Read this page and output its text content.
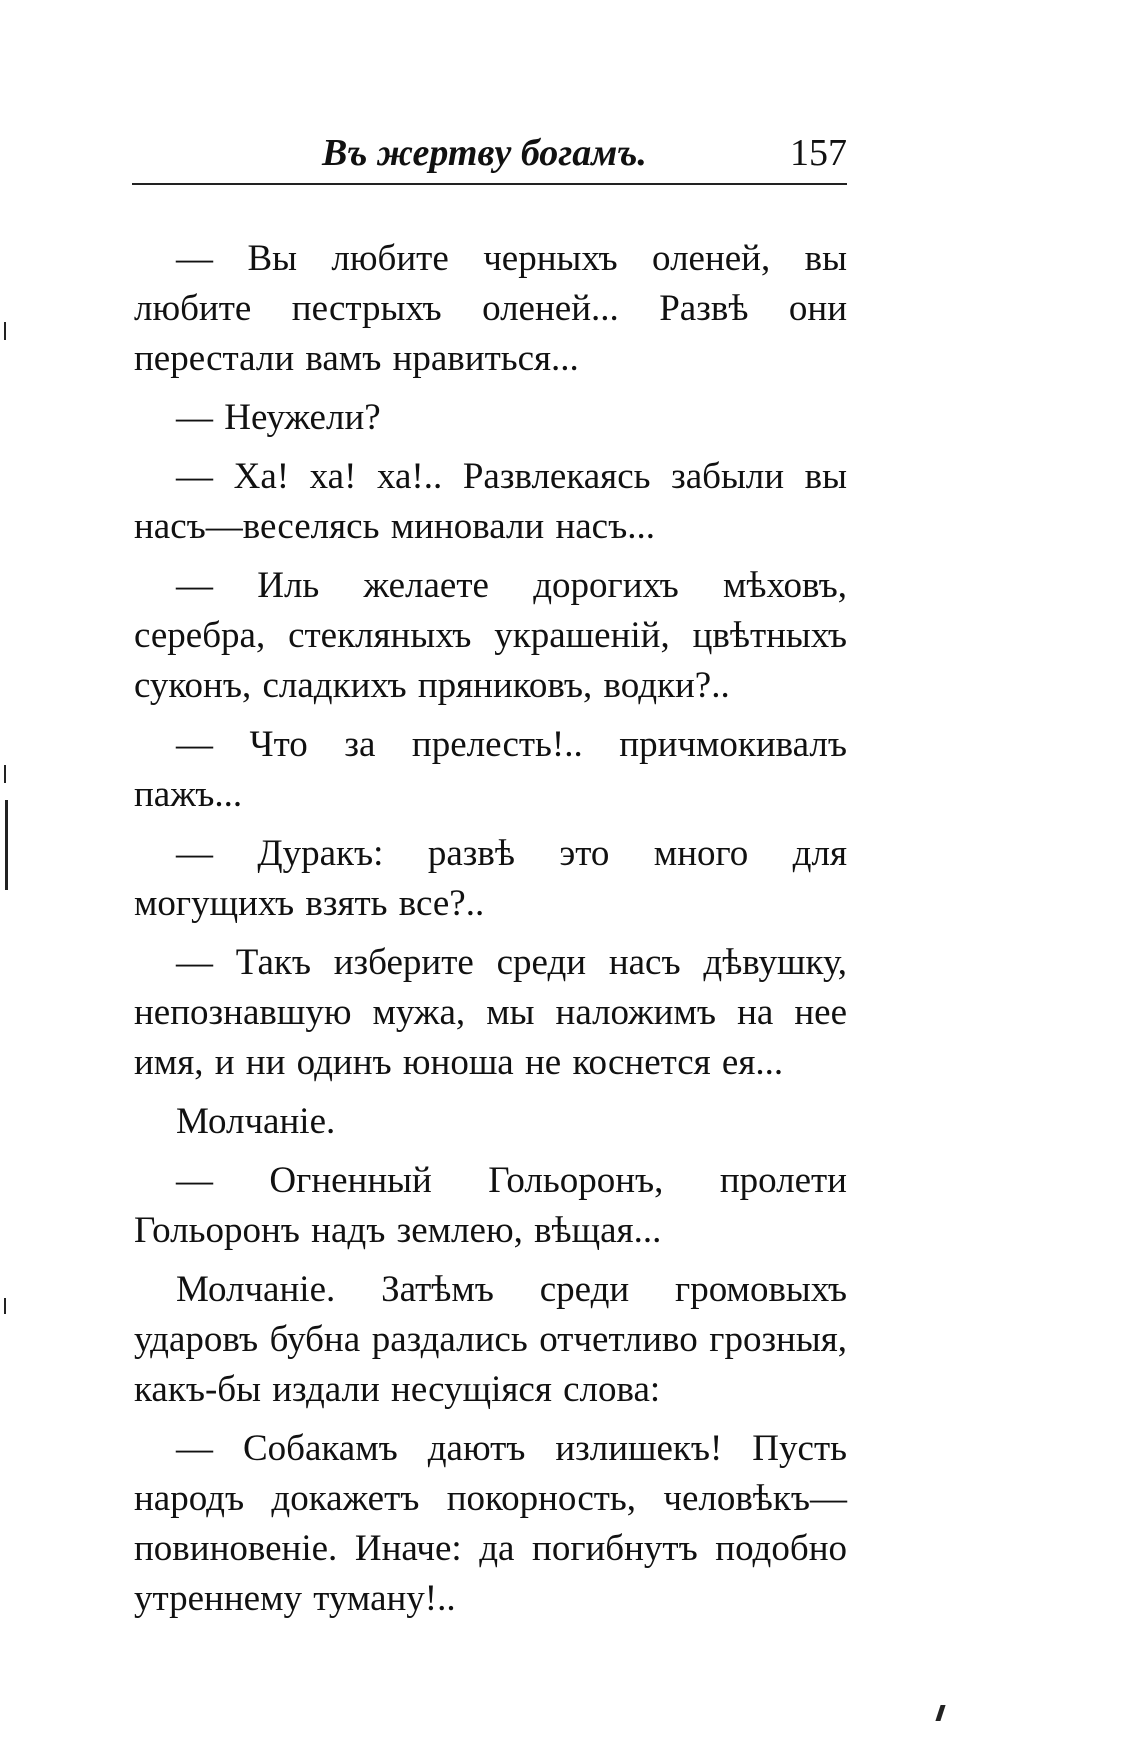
Въ жертву богамъ.	157

— Вы любите черныхъ оленей, вы любите пестрыхъ оленей... Развѣ они перестали вамъ нравиться...

— Неужели?

— Ха! ха! ха!.. Развлекаясь забыли вы насъ—веселясь миновали насъ...

— Иль желаете дорогихъ мѣховъ, серебра, стекляныхъ украшеній, цвѣтныхъ суконъ, сладкихъ пряниковъ, водки?..

— Что за прелесть!.. причмокивалъ пажъ...

— Дуракъ: развѣ это много для могущихъ взять все?..

— Такъ изберите среди насъ дѣвушку, непознавшую мужа, мы наложимъ на нее имя, и ни одинъ юноша не коснется ея...

Молчаніе.

— Огненный Гольоронъ, пролети Гольоронъ надъ землею, вѣщая...

Молчаніе. Затѣмъ среди громовыхъ ударовъ бубна раздались отчетливо грозныя, какъ-бы издали несущіяся слова:

— Собакамъ даютъ излишекъ! Пусть народъ докажетъ покорность, человѣкъ—повиновеніе. Иначе: да погибнутъ подобно утреннему туману!..
